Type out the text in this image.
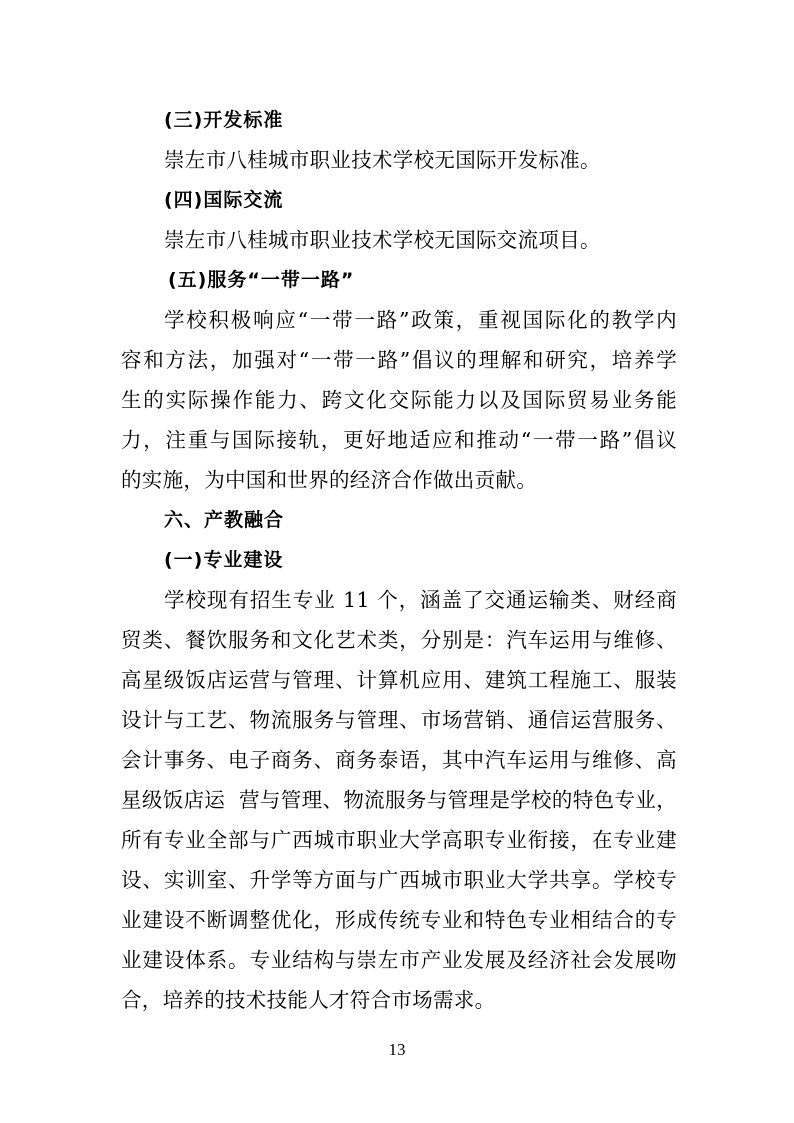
(三)开发标准
崇左市八桂城市职业技术学校无国际开发标准。
(四)国际交流
崇左市八桂城市职业技术学校无国际交流项目。
(五)服务“一带一路”
学校积极响应“一带一路”政策，重视国际化的教学内
容和方法，加强对“一带一路”倡议的理解和研究，培养学
生的实际操作能力、跨文化交际能力以及国际贸易业务能
力，注重与国际接轨，更好地适应和推动“一带一路”倡议
的实施，为中国和世界的经济合作做出贡献。
六、产教融合
(一)专业建设
学校现有招生专业 11 个，涵盖了交通运输类、财经商
贸类、餐饮服务和文化艺术类，分别是：汽车运用与维修、
高星级饭店运营与管理、计算机应用、建筑工程施工、服装
设计与工艺、物流服务与管理、市场营销、通信运营服务、
会计事务、电子商务、商务泰语，其中汽车运用与维修、高
星级饭店运  营与管理、物流服务与管理是学校的特色专业，
所有专业全部与广西城市职业大学高职专业衔接，在专业建
设、实训室、升学等方面与广西城市职业大学共享。学校专
业建设不断调整优化，形成传统专业和特色专业相结合的专
业建设体系。专业结构与崇左市产业发展及经济社会发展吻
合，培养的技术技能人才符合市场需求。
13
